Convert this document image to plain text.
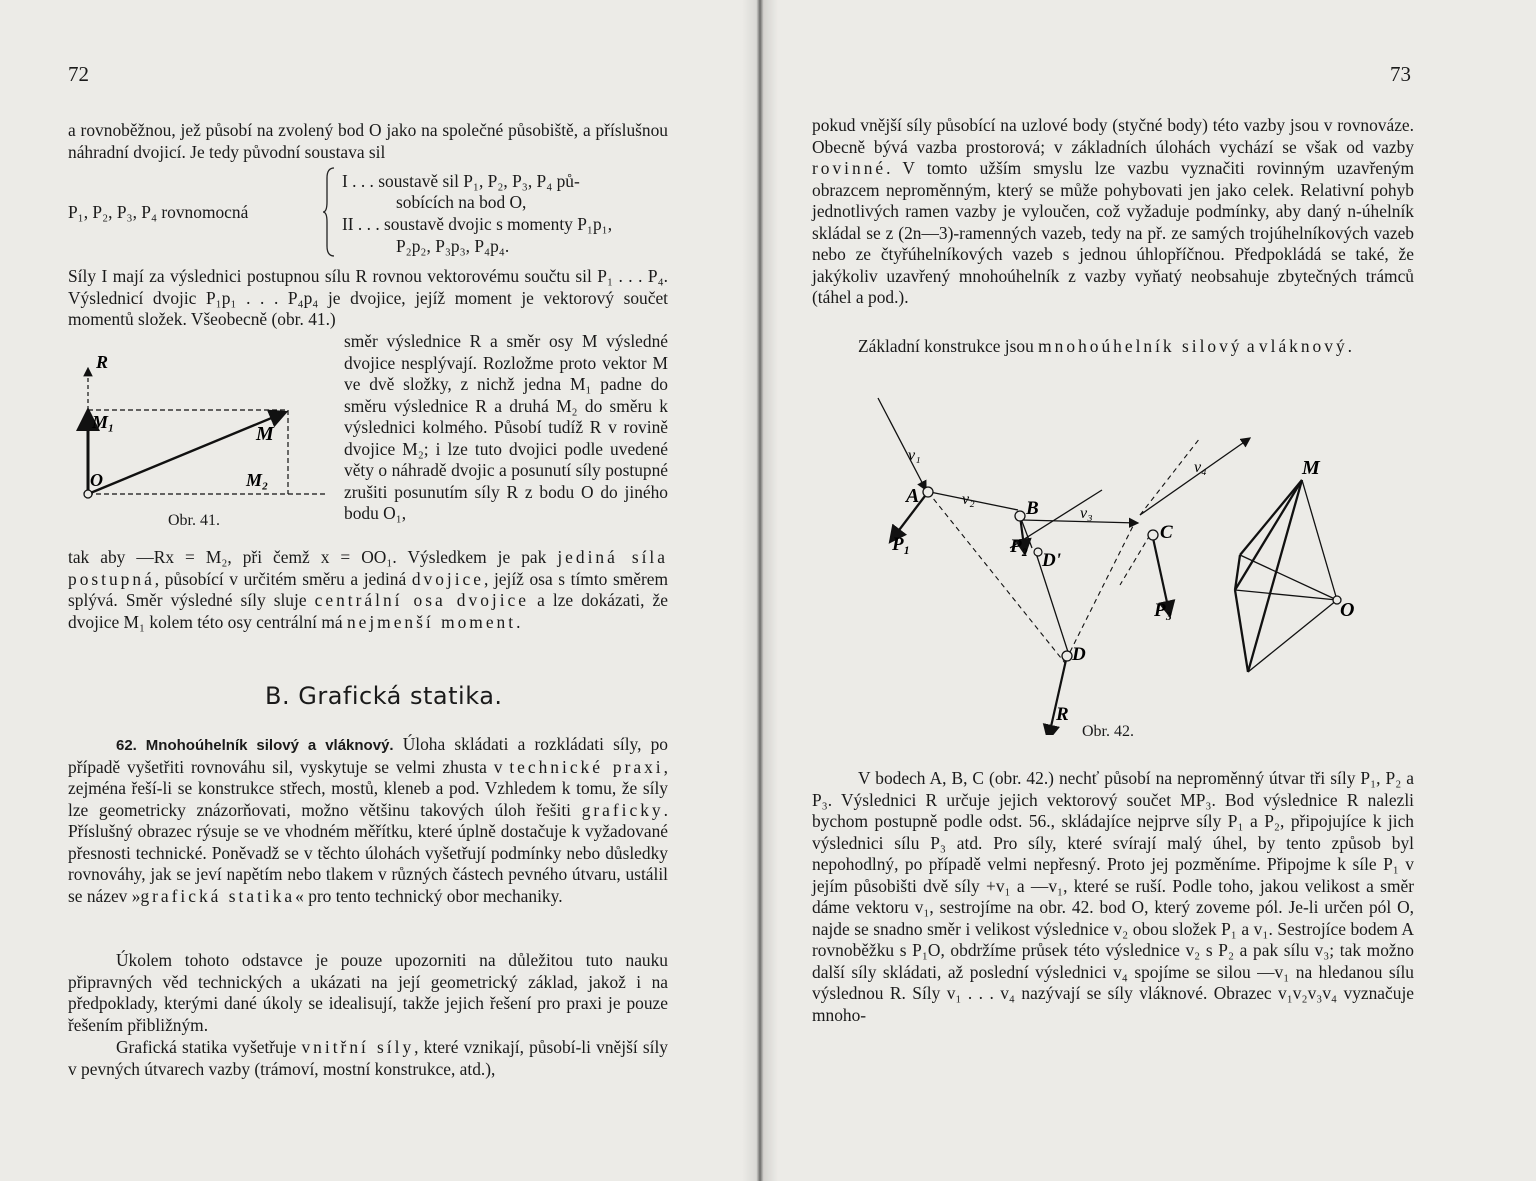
72

a rovnoběžnou, jež působí na zvolený bod O jako na společné působiště, a příslušnou náhradní dvojicí. Je tedy původní soustava sil

P₁, P₂, P₃, P₄ rovnomocná
I . . . soustavě sil P₁, P₂, P₃, P₄ pů-
sobících na bod O,
II . . . soustavě dvojic s momenty P₁p₁,
P₂p₂, P₃p₃, P₄p₄.

Síly I mají za výslednici postupnou sílu R rovnou vektorovému součtu sil P₁ . . . P₄. Výslednicí dvojic P₁p₁ . . . P₄p₄ je dvojice, jejíž moment je vektorový součet momentů složek. Všeobecně (obr. 41.)

R
M₁
M
O	M₂
Obr. 41.

směr výslednice R a směr osy M výsledné dvojice nesplývají. Rozložme proto vektor M ve dvě složky, z nichž jedna M₁ padne do směru výslednice R a druhá M₂ do směru k výslednici kolmého. Působí tudíž R v rovině dvojice M₂; i lze tuto dvojici podle uvedené věty o náhradě dvojic a posunutí síly postupné zrušiti posunutím síly R z bodu O do jiného bodu O₁,

tak aby —Rx = M₂, při čemž x = OO₁. Výsledkem je pak jediná síla postupná, působící v určitém směru a jediná dvojice, jejíž osa s tímto směrem splývá. Směr výsledné síly sluje centrální osa dvojice a lze dokázati, že dvojice M₁ kolem této osy centrální má nejmenší moment.

B. Grafická statika.

62. Mnohoúhelník silový a vláknový. Úloha skládati a rozkládati síly, po případě vyšetřiti rovnováhu sil, vyskytuje se velmi zhusta v technické praxi, zejména řeší-li se konstrukce střech, mostů, kleneb a pod. Vzhledem k tomu, že síly lze geometricky znázorňovati, možno většinu takových úloh řešiti graficky. Příslušný obrazec rýsuje se ve vhodném měřítku, které úplně dostačuje k vyžadované přesnosti technické. Poněvadž se v těchto úlohách vyšetřují podmínky nebo důsledky rovnováhy, jak se jeví napětím nebo tlakem v různých částech pevného útvaru, ustálil se název »grafická statika« pro tento technický obor mechaniky.

Úkolem tohoto odstavce je pouze upozorniti na důležitou tuto nauku připravných věd technických a ukázati na její geometrický základ, jakož i na předpoklady, kterými dané úkoly se idealisují, takže jejich řešení pro praxi je pouze řešením přibližným.

Grafická statika vyšetřuje vnitřní síly, které vznikají, působí-li vnější síly v pevných útvarech vazby (trámoví, mostní konstrukce, atd.),

73

pokud vnější síly působící na uzlové body (styčné body) této vazby jsou v rovnováze. Obecně bývá vazba prostorová; v základních úlohách vychází se však od vazby rovinné. V tomto užším smyslu lze vazbu vyznačiti rovinným uzavřeným obrazcem neproměnným, který se může pohybovati jen jako celek. Relativní pohyb jednotlivých ramen vazby je vyloučen, což vyžaduje podmínky, aby daný n-úhelník skládal se z (2n—3)-ramenných vazeb, tedy na př. ze samých trojúhelníkových vazeb nebo ze čtyřúhelníkových vazeb s jednou úhlopříčnou. Předpokládá se také, že jakýkoliv uzavřený mnohoúhelník z vazby vyňatý neobsahuje zbytečných trámců (táhel a pod.).

Základní konstrukce jsou mnohoúhelník silový a vláknový.

A
B
C
D
D'
R
P₁	P₂
P₃
v₁
v₂
v₃
v₄	M
O
Obr. 42.

V bodech A, B, C (obr. 42.) nechť působí na neproměnný útvar tři síly P₁, P₂ a P₃. Výslednici R určuje jejich vektorový součet MP₃. Bod výslednice R nalezli bychom postupně podle odst. 56., skládajíce nejprve síly P₁ a P₂, připojujíce k jich výslednici sílu P₃ atd. Pro síly, které svírají malý úhel, by tento způsob byl nepohodlný, po případě velmi nepřesný. Proto jej pozměníme. Připojme k síle P₁ v jejím působišti dvě síly +v₁ a —v₁, které se ruší. Podle toho, jakou velikost a směr dáme vektoru v₁, sestrojíme na obr. 42. bod O, který zoveme pól. Je-li určen pól O, najde se snadno směr i velikost výslednice v₂ obou složek P₁ a v₁. Sestrojíce bodem A rovnoběžku s P₁O, obdržíme průsek této výslednice v₂ s P₂ a pak sílu v₃; tak možno další síly skládati, až poslední výslednici v₄ spojíme se silou —v₁ na hledanou sílu výslednou R. Síly v₁ . . . v₄ nazývají se síly vláknové. Obrazec v₁v₂v₃v₄ vyznačuje mnoho-
